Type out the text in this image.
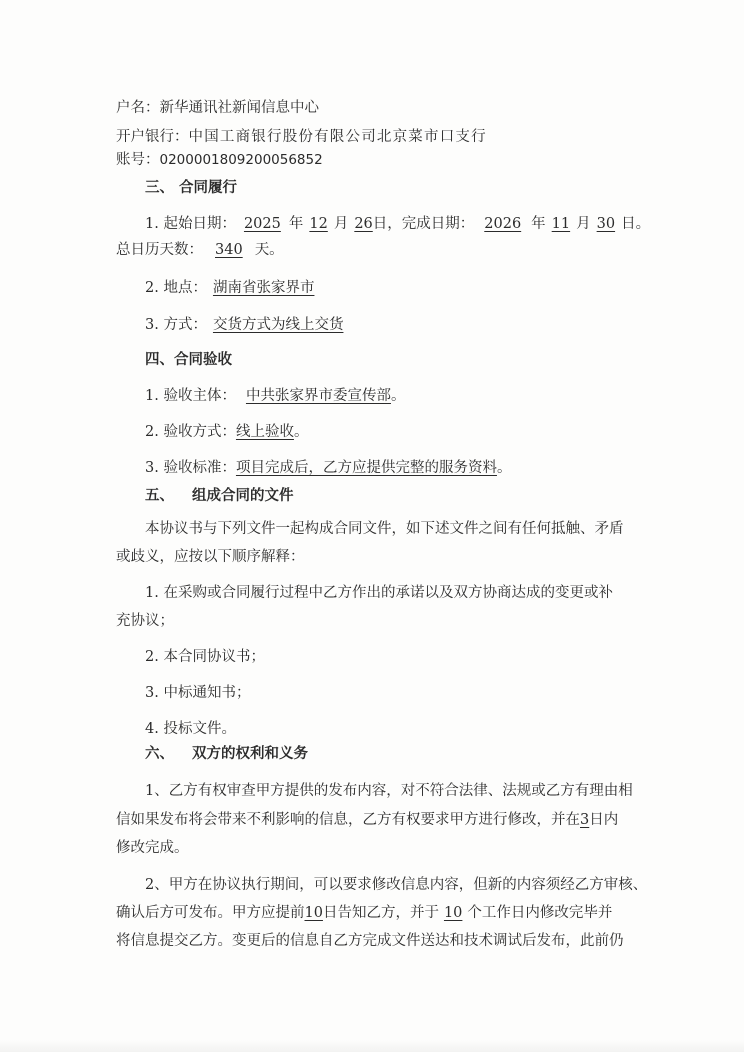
户名：新华通讯社新闻信息中心
开户银行：中国工商银行股份有限公司北京菜市口支行
账号：0200001809200056852
三、 合同履行
1. 起始日期： 2025 年 12 月 26日，完成日期： 2026 年 11 月 30 日。
总日历天数： 340 天。
2. 地点： 湖南省张家界市
3. 方式： 交货方式为线上交货
四、合同验收
1. 验收主体： 中共张家界市委宣传部。
2. 验收方式：线上验收。
3. 验收标准：项目完成后，乙方应提供完整的服务资料。
五、 组成合同的文件
本协议书与下列文件一起构成合同文件，如下述文件之间有任何抵触、矛盾
或歧义，应按以下顺序解释：
1. 在采购或合同履行过程中乙方作出的承诺以及双方协商达成的变更或补
充协议；
2. 本合同协议书；
3. 中标通知书；
4. 投标文件。
六、 双方的权利和义务
1、乙方有权审查甲方提供的发布内容，对不符合法律、法规或乙方有理由相
信如果发布将会带来不利影响的信息，乙方有权要求甲方进行修改，并在3日内
修改完成。
2、甲方在协议执行期间，可以要求修改信息内容，但新的内容须经乙方审核、
确认后方可发布。甲方应提前10日告知乙方，并于 10 个工作日内修改完毕并
将信息提交乙方。变更后的信息自乙方完成文件送达和技术调试后发布，此前仍
